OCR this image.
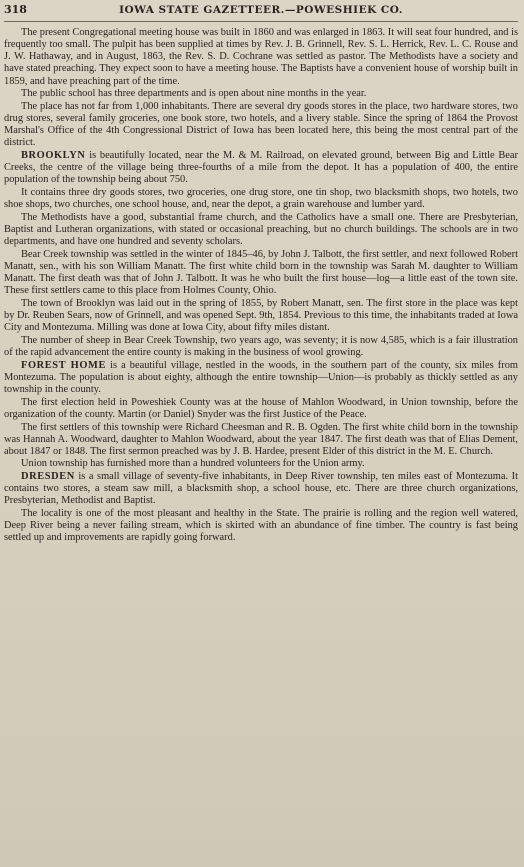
318	IOWA STATE GAZETTEER.—POWESHIEK CO.

The present Congregational meeting house was built in 1860 and was enlarged in 1863. It will seat four hundred, and is frequently too small. The pulpit has been supplied at times by Rev. J. B. Grinnell, Rev. S. L. Herrick, Rev. L. C. Rouse and J. W. Hathaway, and in August, 1863, the Rev. S. D. Cochrane was settled as pastor. The Methodists have a society and have stated preaching. They expect soon to have a meeting house. The Baptists have a convenient house of worship built in 1859, and have preaching part of the time.

The public school has three departments and is open about nine months in the year.

The place has not far from 1,000 inhabitants. There are several dry goods stores in the place, two hardware stores, two drug stores, several family groceries, one book store, two hotels, and a livery stable. Since the spring of 1864 the Provost Marshal's Office of the 4th Congressional District of Iowa has been located here, this being the most central part of the district.

BROOKLYN is beautifully located, near the M. & M. Railroad, on elevated ground, between Big and Little Bear Creeks, the centre of the village being three-fourths of a mile from the depot. It has a population of 400, the entire population of the township being about 750.

It contains three dry goods stores, two groceries, one drug store, one tin shop, two blacksmith shops, two hotels, two shoe shops, two churches, one school house, and, near the depot, a grain warehouse and lumber yard.

The Methodists have a good, substantial frame church, and the Catholics have a small one. There are Presbyterian, Baptist and Lutheran organizations, with stated or occasional preaching, but no church buildings. The schools are in two departments, and have one hundred and seventy scholars.

Bear Creek township was settled in the winter of 1845–46, by John J. Talbott, the first settler, and next followed Robert Manatt, sen., with his son William Manatt. The first white child born in the township was Sarah M. daughter to William Manatt. The first death was that of John J. Talbott. It was he who built the first house—log—a little east of the town site. These first settlers came to this place from Holmes County, Ohio.

The town of Brooklyn was laid out in the spring of 1855, by Robert Manatt, sen. The first store in the place was kept by Dr. Reuben Sears, now of Grinnell, and was opened Sept. 9th, 1854. Previous to this time, the inhabitants traded at Iowa City and Montezuma. Milling was done at Iowa City, about fifty miles distant.

The number of sheep in Bear Creek Township, two years ago, was seventy; it is now 4,585, which is a fair illustration of the rapid advancement the entire county is making in the business of wool growing.

FOREST HOME is a beautiful village, nestled in the woods, in the southern part of the county, six miles from Montezuma. The population is about eighty, although the entire township—Union—is probably as thickly settled as any township in the county.

The first election held in Poweshiek County was at the house of Mahlon Woodward, in Union township, before the organization of the county. Martin (or Daniel) Snyder was the first Justice of the Peace.

The first settlers of this township were Richard Cheesman and R. B. Ogden. The first white child born in the township was Hannah A. Woodward, daughter to Mahlon Woodward, about the year 1847. The first death was that of Elias Dement, about 1847 or 1848. The first sermon preached was by J. B. Hardee, present Elder of this district in the M. E. Church.

Union township has furnished more than a hundred volunteers for the Union army.

DRESDEN is a small village of seventy-five inhabitants, in Deep River township, ten miles east of Montezuma. It contains two stores, a steam saw mill, a blacksmith shop, a school house, etc. There are three church organizations, Presbyterian, Methodist and Baptist.

The locality is one of the most pleasant and healthy in the State. The prairie is rolling and the region well watered, Deep River being a never failing stream, which is skirted with an abundance of fine timber. The country is fast being settled up and improvements are rapidly going forward.
